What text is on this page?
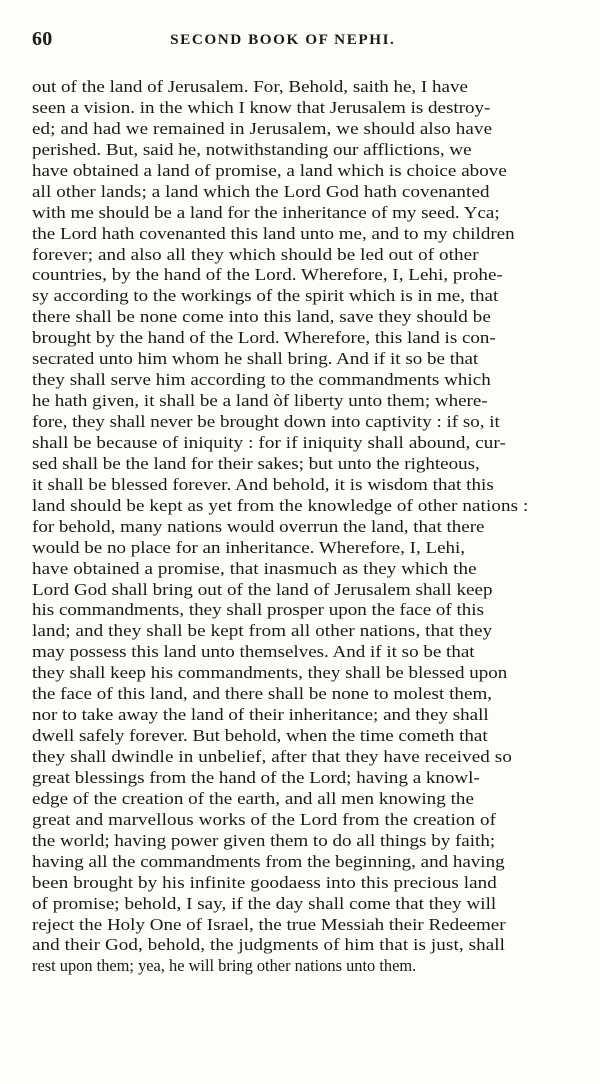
60	SECOND BOOK OF NEPHI.
out of the land of Jerusalem. For, Behold, saith he, I have
seen a vision. in the which I know that Jerusalem is destroy-
ed; and had we remained in Jerusalem, we should also have
perished. But, said he, notwithstanding our afflictions, we
have obtained a land of promise, a land which is choice above
all other lands; a land which the Lord God hath covenanted
with me should be a land for the inheritance of my seed. Yca;
the Lord hath covenanted this land unto me, and to my children
forever; and also all they which should be led out of other
countries, by the hand of the Lord. Wherefore, I, Lehi, prohe-
sy according to the workings of the spirit which is in me, that
there shall be none come into this land, save they should be
brought by the hand of the Lord. Wherefore, this land is con-
secrated unto him whom he shall bring. And if it so be that
they shall serve him according to the commandments which
he hath given, it shall be a land òf liberty unto them; where-
fore, they shall never be brought down into captivity : if so, it
shall be because of iniquity : for if iniquity shall abound, cur-
sed shall be the land for their sakes; but unto the righteous,
it shall be blessed forever. And behold, it is wisdom that this
land should be kept as yet from the knowledge of other nations :
for behold, many nations would overrun the land, that there
would be no place for an inheritance. Wherefore, I, Lehi,
have obtained a promise, that inasmuch as they which the
Lord God shall bring out of the land of Jerusalem shall keep
his commandments, they shall prosper upon the face of this
land; and they shall be kept from all other nations, that they
may possess this land unto themselves. And if it so be that
they shall keep his commandments, they shall be blessed upon
the face of this land, and there shall be none to molest them,
nor to take away the land of their inheritance; and they shall
dwell safely forever. But behold, when the time cometh that
they shall dwindle in unbelief, after that they have received so
great blessings from the hand of the Lord; having a knowl-
edge of the creation of the earth, and all men knowing the
great and marvellous works of the Lord from the creation of
the world; having power given them to do all things by faith;
having all the commandments from the beginning, and having
been brought by his infinite goodaess into this precious land
of promise; behold, I say, if the day shall come that they will
reject the Holy One of Israel, the true Messiah their Redeemer
and their God, behold, the judgments of him that is just, shall
rest upon them; yea, he will bring other nations unto them.
